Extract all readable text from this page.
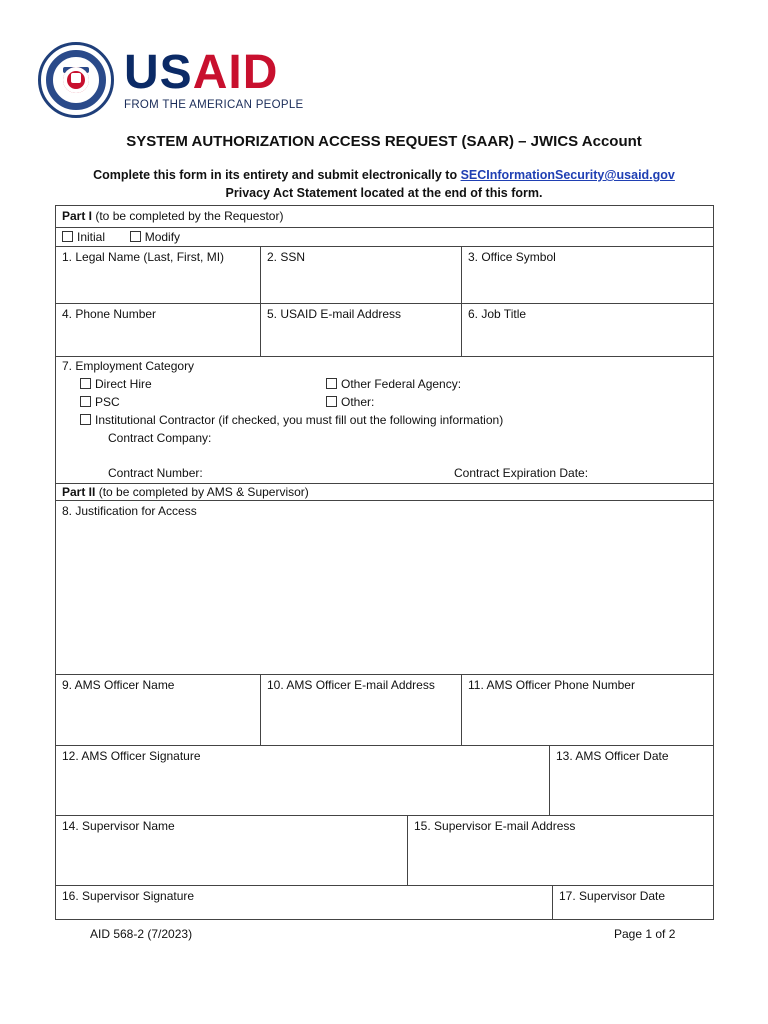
USAID
FROM THE AMERICAN PEOPLE
SYSTEM AUTHORIZATION ACCESS REQUEST (SAAR) – JWICS Account
Complete this form in its entirety and submit electronically to SECInformationSecurity@usaid.gov
Privacy Act Statement located at the end of this form.
Part I (to be completed by the Requestor)
Initial	Modify
1. Legal Name (Last, First, MI)	2. SSN	3. Office Symbol
4. Phone Number	5. USAID E-mail Address	6. Job Title
7. Employment Category
Direct Hire
PSC
Institutional Contractor (if checked, you must fill out the following information)
Other Federal Agency:
Other:
Contract Company:
Contract Number:	Contract Expiration Date:
Part II (to be completed by AMS & Supervisor)
8. Justification for Access
9. AMS Officer Name	10. AMS Officer E-mail Address	11. AMS Officer Phone Number
12. AMS Officer Signature	13. AMS Officer Date
14. Supervisor Name	15. Supervisor E-mail Address
16. Supervisor Signature	17. Supervisor Date
AID 568-2 (7/2023)	Page 1 of 2
